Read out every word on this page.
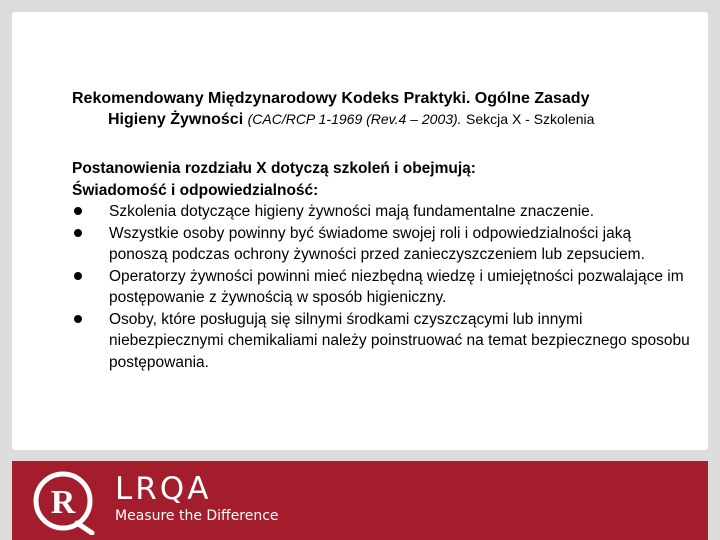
Rekomendowany Międzynarodowy Kodeks Praktyki. Ogólne Zasady
Higieny Żywności (CAC/RCP 1-1969 (Rev.4 – 2003). Sekcja X - Szkolenia
Postanowienia rozdziału X dotyczą szkoleń i obejmują:
Świadomość i odpowiedzialność:
Szkolenia dotyczące higieny żywności mają fundamentalne znaczenie.
Wszystkie osoby powinny być świadome swojej roli i odpowiedzialności jaką ponoszą podczas ochrony żywności przed zanieczyszczeniem lub zepsuciem.
Operatorzy żywności powinni mieć niezbędną wiedzę i umiejętności pozwalające im postępowanie z żywnością w sposób higieniczny.
Osoby, które posługują się silnymi środkami czyszczącymi lub innymi niebezpiecznymi chemikaliami należy poinstruować na temat bezpiecznego sposobu postępowania.
R LRQA
Measure the Difference
